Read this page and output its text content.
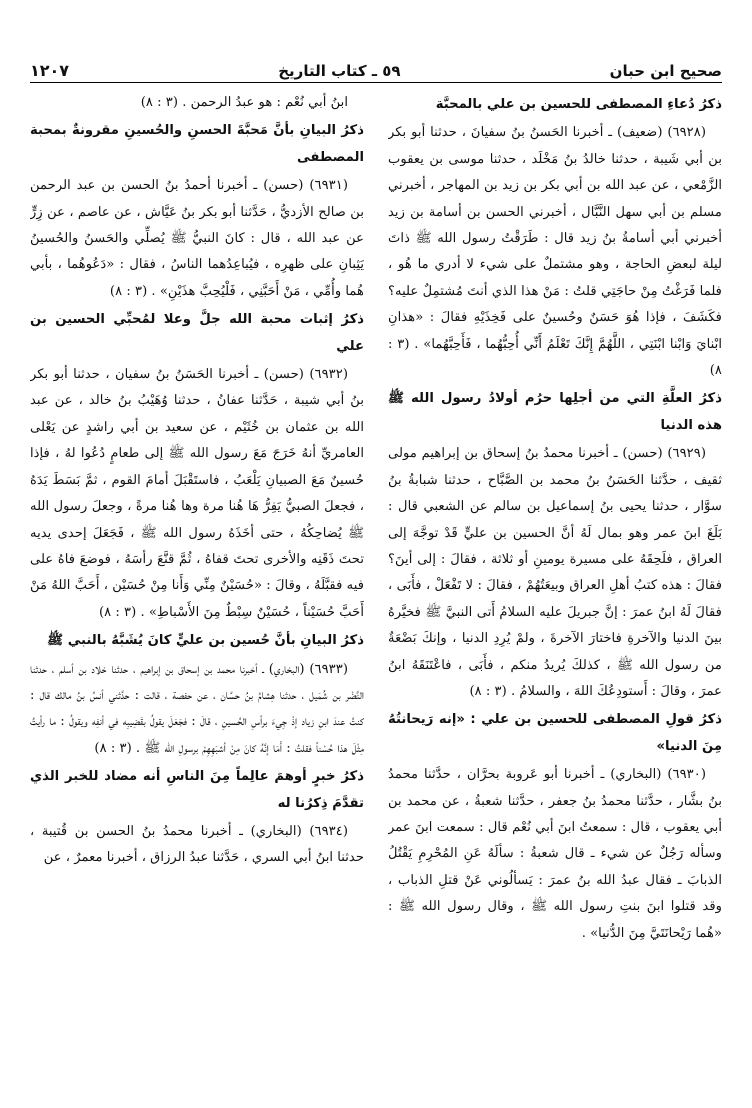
صحيح ابن حبان
٥٩ ـ كتاب التاريخ
١٢٠٧

ذكرُ دُعاءِ المصطفى للحسين بن علي بالمحبَّة

(٦٩٢٨) (ضعيف) ـ أخبرنا الحَسنُ بنُ سفيانَ ، حدثنا أبو بكر بن أبي شَيبة ، حدثنا خالدُ بنُ مَخْلَد ، حدثنا موسى بن يعقوب الزَّمْعي ، عن عبد الله بن أبي بكر بن زيد بن المهاجر ، أخبرني مسلم بن أبي سهل النَّبَّال ، أخبرني الحسن بن أسامة بن زيد أخبرني أبي أسامةُ بنُ زيد قال : طَرَقْتُ رسول الله ﷺ ذاتَ ليلة لبعضِ الحاجة ، وهو مشتملٌ على شيء لا أدري ما هُو ، فلما فَرَغْتُ مِنْ حاجَتِي قلتُ : مَنْ هذا الذي أنتَ مُشتمِلٌ عليه؟ فكَشَفَ ، فإذا هُوَ حَسَنٌ وحُسينٌ على فَخِذَيْهِ فقالَ : «هذانِ ابْنايَ وَابْنا ابْنَتِي ، اللَّهُمَّ إِنَّكَ تَعْلَمُ أَنِّي أُحِبُّهُما ، فَأَحِبَّهُما» . (٣ : ٨)

ذكرُ العلَّةِ التي من أجلِها حرُم أولادُ رسول الله ﷺ هذه الدنيا

(٦٩٢٩) (حسن) ـ أخبرنا محمدُ بنُ إسحاق بن إبراهيم مولى ثقيف ، حدَّثنا الحَسَنُ بنُ محمد بن الصَّبَّاح ، حدثنا شبابةُ بنُ سوَّار ، حدثنا يحيى بنُ إسماعيل بن سالم عن الشعبي قال : بَلَغَ ابنَ عمر وهو بمال لَهُ أنَّ الحسين بن عليٍّ قَدْ توجَّهَ إلى العراق ، فلَحِقَهُ على مسيرة يومينِ أو ثلاثة ، فقالَ : إلى أينَ؟ فقالَ : هذه كتبُ أهلِ العراق وبيعَتُهُمْ ، فقالَ : لا تَفْعَلْ ، فأَبَى ، فقالَ لَهُ ابنُ عمرَ : إنَّ جبريلَ عليه السلامُ أَتى النبيَّ ﷺ فخيَّرهُ بينَ الدنيا والآخرةِ فاختارَ الآخرةَ ، ولمْ يُرِدِ الدنيا ، وإنكَ بَضْعَةٌ من رسول الله ﷺ ، كذلكَ يُريدُ منكم ، فأَبَى ، فاعْتَنَقَهُ ابنُ عمرَ ، وقالَ : أَستودِعُكَ اللهَ ، والسلامُ . (٣ : ٨)

ذكرُ قولِ المصطفى للحسين بن علي : «إنه رَيحانتُهُ مِنَ الدنيا»

(٦٩٣٠) (البخاري) ـ أخبرنا أبو عَروبة بحرَّان ، حدَّثنا محمدُ بنُ بشَّار ، حدَّثنا محمدُ بنُ جعفر ، حدَّثنا شعبةُ ، عن محمد بن أبي يعقوب ، قال : سمعتُ ابنَ أبي نُعْم قال : سمعت ابنَ عمر وسأله رَجُلٌ عن شيء ـ قال شعبةُ : سألَهُ عَنِ المُحْرِمِ يَقْتُلُ الذبابَ ـ فقال عبدُ الله بنُ عمرَ : يَسألُوني عَنْ قتلِ الذباب ، وقد قتلوا ابنَ بنتِ رسول الله ﷺ ، وقال رسول الله ﷺ : «هُما رَيْحانَتَيَّ مِنَ الدُّنيا» .

ابنُ أبي نُعْم : هو عبدُ الرحمن . (٣ : ٨)

ذكرُ البيانِ بأنَّ مَحبَّةَ الحسنِ والحُسينِ مقرونةٌ بمحبة المصطفى

(٦٩٣١) (حسن) ـ أخبرنا أحمدُ بنُ الحسن بن عبد الرحمن بن صالح الأزديُّ ، حَدَّثنا أبو بكر بنُ عَيَّاش ، عن عاصم ، عن زِرٍّ عن عبد الله ، قال : كانَ النبيُّ ﷺ يُصلِّي والحَسنُ والحُسينُ يَثِبانِ على ظهرِه ، فيُباعِدُهما الناسُ ، فقال : «دَعُوهُما ، بأبي هُما وأُمِّي ، مَنْ أَحَبَّنِي ، فَلْيُحِبَّ هذَيْنِ» . (٣ : ٨)

ذكرُ إثبات محبة الله جلَّ وعلا لمُحبِّي الحسين بن علي

(٦٩٣٢) (حسن) ـ أخبرنا الحَسَنُ بنُ سفيان ، حدثنا أبو بكر بنُ أبي شيبة ، حَدَّثنا عفانُ ، حدثنا وُهَيْبُ بنُ خالد ، عن عبد الله بن عثمان بن خُثَيْم ، عن سعيد بن أبي راشدٍ عن يَعْلى العامريِّ أنهُ خَرَجَ مَعَ رسول الله ﷺ إلى طعامٍ دُعُوا لهُ ، فإذا حُسينٌ مَعَ الصبيانِ يَلْعَبُ ، فاستَقْبَلَ أمامَ القوم ، ثمَّ بَسَطَ يَدَهُ ، فجعلَ الصبيُّ يَفِرُّ هَا هُنا مرة وها هُنا مرةً ، وجعلَ رسول الله ﷺ يُضاحِكُهُ ، حتى أخَذَهُ رسول الله ﷺ ، فَجَعَلَ إحدى يديه تحتَ ذَقَنِه والأخرى تحتَ قفاهُ ، ثُمَّ قنَّعَ رأسَهُ ، فوضعَ فاهُ على فيه فقبَّلَهُ ، وقالَ : «حُسَيْنٌ مِنِّي وَأَنا مِنْ حُسَيْن ، أَحَبَّ اللهُ مَنْ أَحَبَّ حُسَيْناً ، حُسَيْنٌ سِبْطٌ مِنَ الأَسْباطِ» . (٣ : ٨)

ذكرُ البيانِ بأنَّ حُسين بن عليٍّ كانَ يُشَبَّهُ بالنبي ﷺ

(٦٩٣٣) (البخاري) ـ أخبرنا محمد بن إسحاق بن إبراهيم ، حدثنا خلاد بن أسلم ، حدثنا النَّضْر بن شُمَيل ، حدثنا هِشامُ بنُ حسَّان ، عن حفصة ، قالت : حدَّثني أنسُ بنُ مالك قال : كنتُ عندَ ابنِ زياد إذْ جِيءَ برأسِ الحُسينِ ، قالَ : فجَعَلَ يقولُ بقَضِيبِه في أنفِه ويقولُ : ما رأيتُ مِثْلَ هذا حُسْناً فقلتُ : أَمَا إنَّهُ كانَ مِنْ أشبَهِهِمْ برسولِ الله ﷺ . (٣ : ٨)

ذكرُ خبرٍ أوهمَ عالِماً مِنَ الناسِ أنه مضاد للخبر الذي تقدَّمَ ذِكرُنا له

(٦٩٣٤) (البخاري) ـ أخبرنا محمدُ بنُ الحسن بن قُتيبة ، حدثنا ابنُ أبي السري ، حَدَّثنا عبدُ الرزاق ، أخبرنا معمرٌ ، عن
